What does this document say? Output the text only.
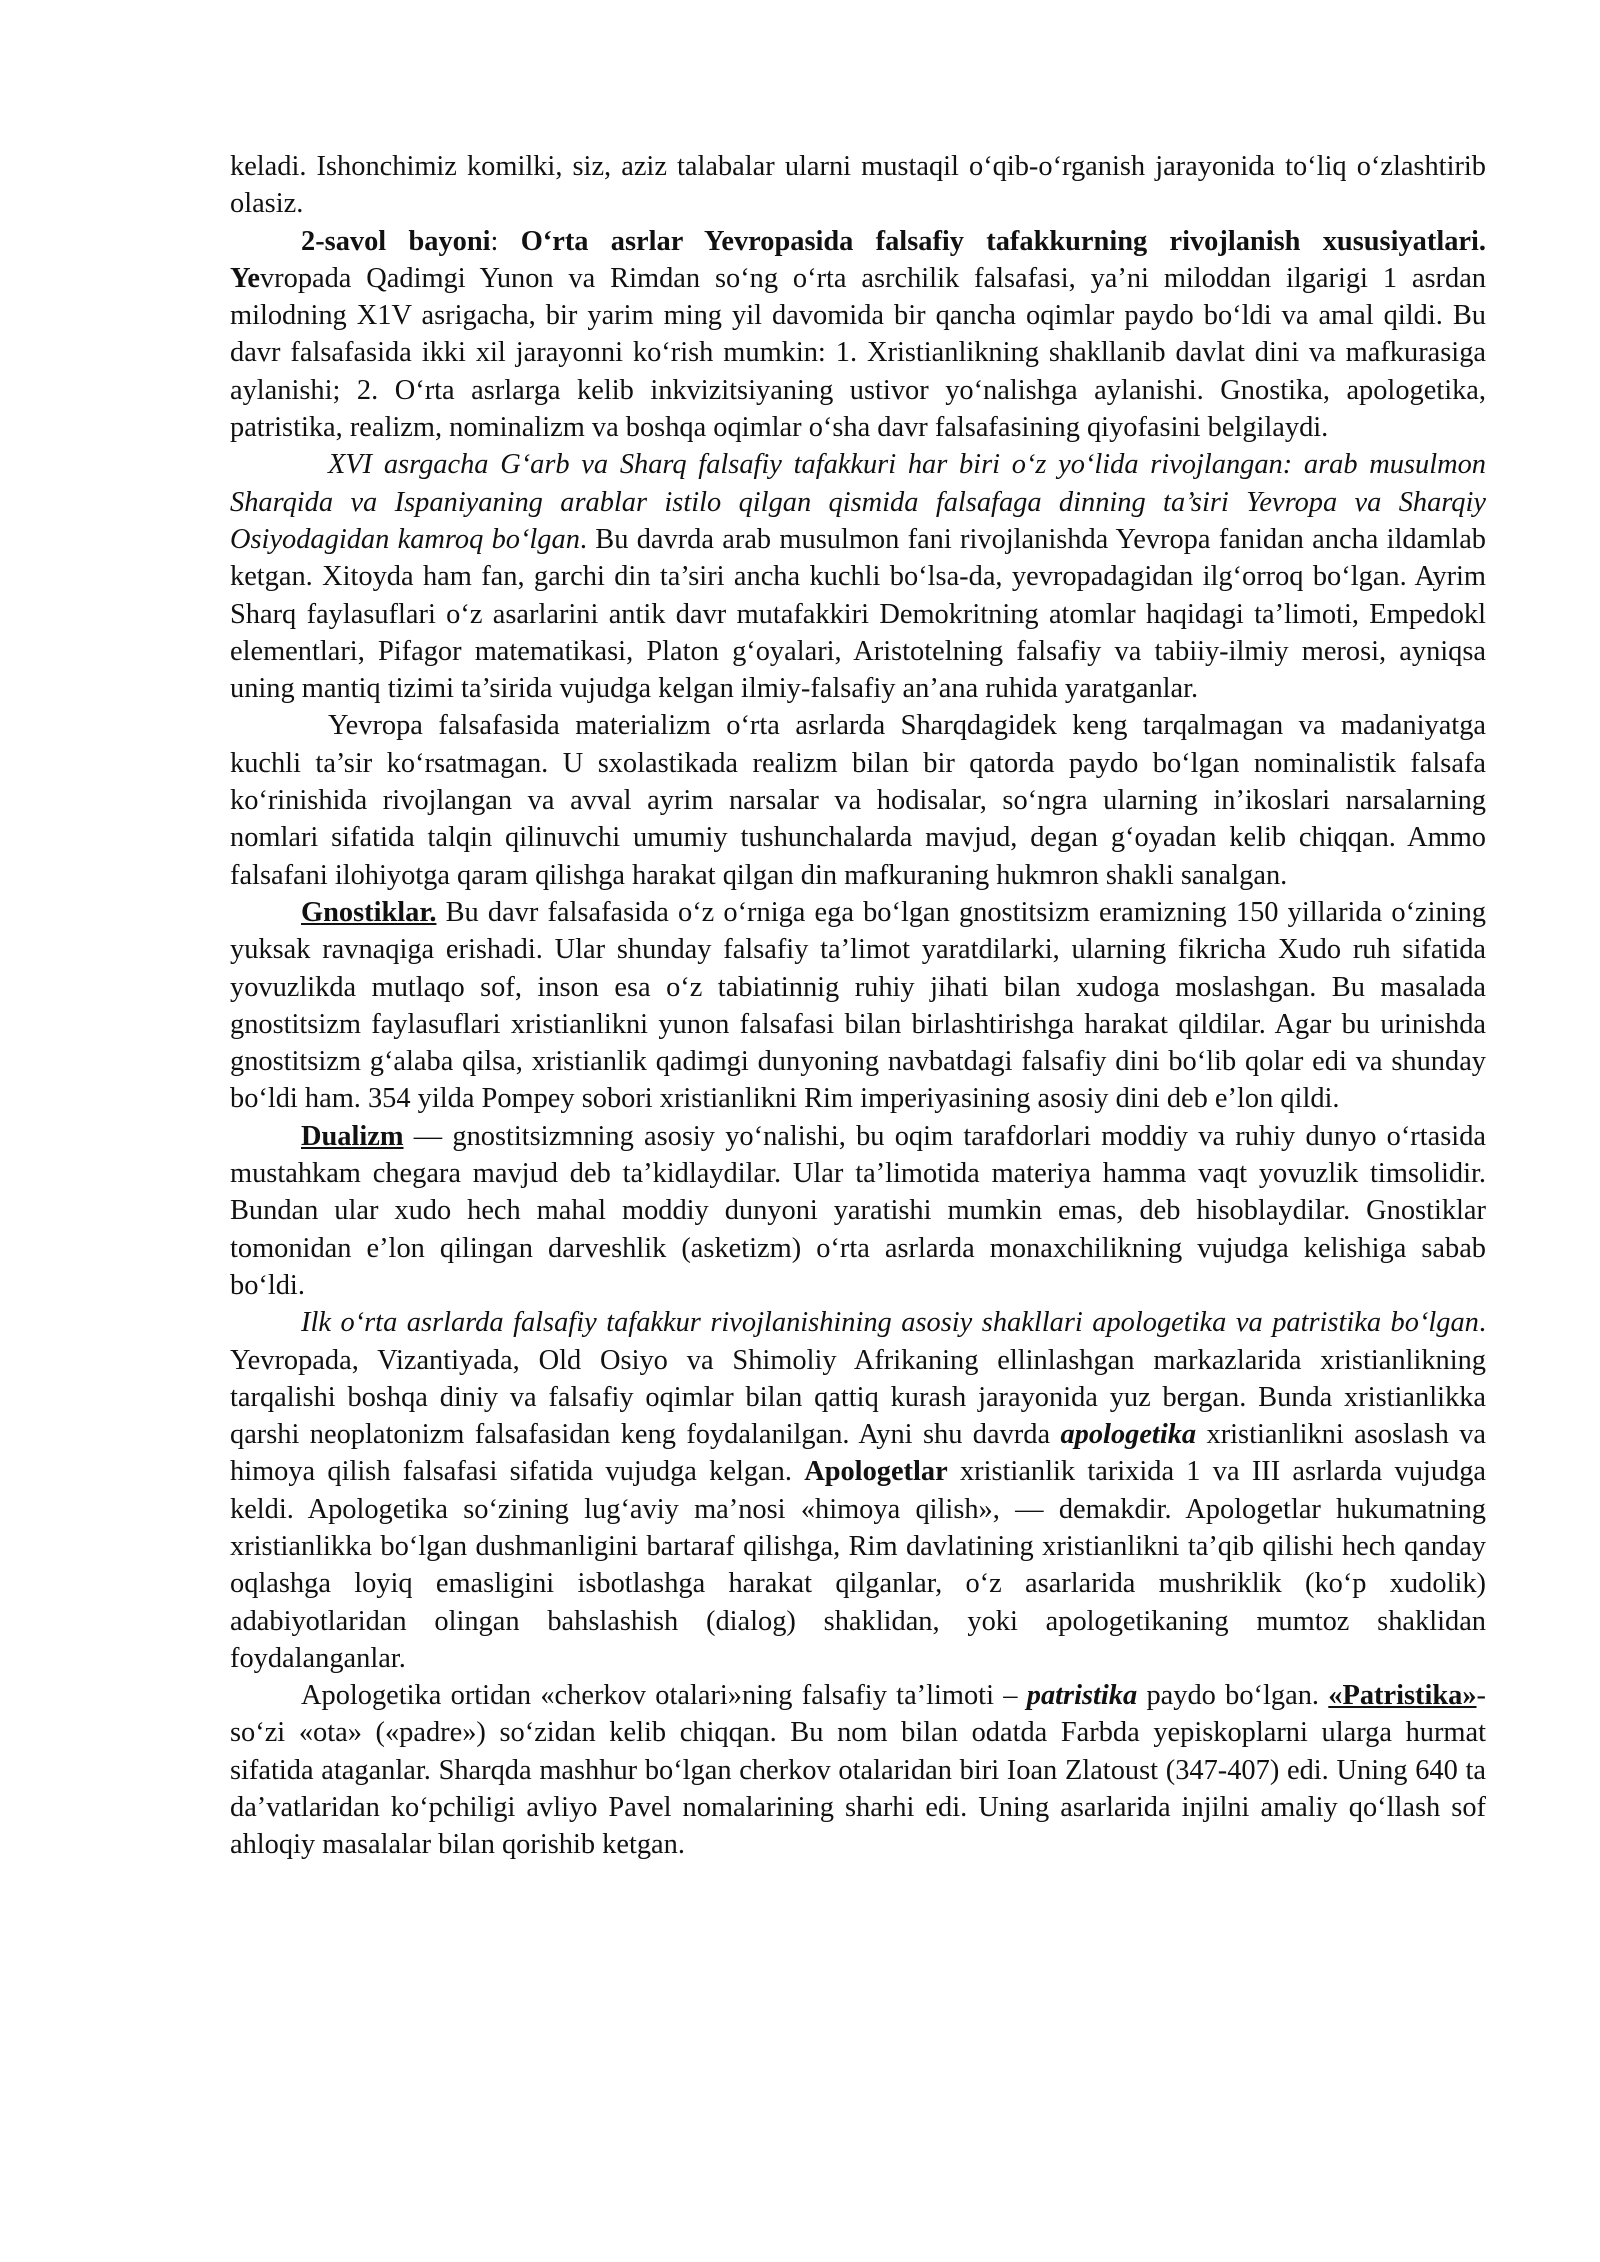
keladi. Ishonchimiz komilki, siz, aziz talabalar ularni mustaqil o‘qib-o‘rganish jarayonida to‘liq o‘zlashtirib olasiz.

2-savol bayoni: O‘rta asrlar Yevropasida falsafiy tafakkurning rivojlanish xususiyatlari. Yevropada Qadimgi Yunon va Rimdan so‘ng o‘rta asrchilik falsafasi, ya’ni miloddan ilgarigi 1 asrdan milodning X1V asrigacha, bir yarim ming yil davomida bir qancha oqimlar paydo bo‘ldi va amal qildi. Bu davr falsafasida ikki xil jarayonni ko‘rish mumkin: 1. Xristianlikning shakllanib davlat dini va mafkurasiga aylanishi; 2. O‘rta asrlarga kelib inkvizitsiyaning ustivor yo‘nalishga aylanishi. Gnostika, apologetika, patristika, realizm, nominalizm va boshqa oqimlar o‘sha davr falsafasining qiyofasini belgilaydi.

XVI asrgacha G‘arb va Sharq falsafiy tafakkuri har biri o‘z yo‘lida rivojlangan: arab musulmon Sharqida va Ispaniyaning arablar istilo qilgan qismida falsafaga dinning ta’siri Yevropa va Sharqiy Osiyodagidan kamroq bo‘lgan. Bu davrda arab musulmon fani rivojlanishda Yevropa fanidan ancha ildamlab ketgan. Xitoyda ham fan, garchi din ta’siri ancha kuchli bo‘lsa-da, yevropadagidan ilg‘orroq bo‘lgan. Ayrim Sharq faylasuflari o‘z asarlarini antik davr mutafakkiri Demokritning atomlar haqidagi ta’limoti, Empedokl elementlari, Pifagor matematikasi, Platon g‘oyalari, Aristotelning falsafiy va tabiiy-ilmiy merosi, ayniqsa uning mantiq tizimi ta’sirida vujudga kelgan ilmiy-falsafiy an’ana ruhida yaratganlar.

Yevropa falsafasida materializm o‘rta asrlarda Sharqdagidek keng tarqalmagan va madaniyatga kuchli ta’sir ko‘rsatmagan. U sxolastikada realizm bilan bir qatorda paydo bo‘lgan nominalistik falsafa ko‘rinishida rivojlangan va avval ayrim narsalar va hodisalar, so‘ngra ularning in’ikoslari narsalarning nomlari sifatida talqin qilinuvchi umumiy tushunchalarda mavjud, degan g‘oyadan kelib chiqqan. Ammo falsafani ilohiyotga qaram qilishga harakat qilgan din mafkuraning hukmron shakli sanalgan.

Gnostiklar. Bu davr falsafasida o‘z o‘rniga ega bo‘lgan gnostitsizm eramizning 150 yillarida o‘zining yuksak ravnaqiga erishadi. Ular shunday falsafiy ta’limot yaratdilarki, ularning fikricha Xudo ruh sifatida yovuzlikda mutlaqo sof, inson esa o‘z tabiatinnig ruhiy jihati bilan xudoga moslashgan. Bu masalada gnostitsizm faylasuflari xristianlikni yunon falsafasi bilan birlashtirishga harakat qildilar. Agar bu urinishda gnostitsizm g‘alaba qilsa, xristianlik qadimgi dunyoning navbatdagi falsafiy dini bo‘lib qolar edi va shunday bo‘ldi ham. 354 yilda Pompey sobori xristianlikni Rim imperiyasining asosiy dini deb e’lon qildi.

Dualizm — gnostitsizmning asosiy yo‘nalishi, bu oqim tarafdorlari moddiy va ruhiy dunyo o‘rtasida mustahkam chegara mavjud deb ta’kidlaydilar. Ular ta’limotida materiya hamma vaqt yovuzlik timsolidir. Bundan ular xudo hech mahal moddiy dunyoni yaratishi mumkin emas, deb hisoblaydilar. Gnostiklar tomonidan e’lon qilingan darveshlik (asketizm) o‘rta asrlarda monaxchilikning vujudga kelishiga sabab bo‘ldi.

Ilk o‘rta asrlarda falsafiy tafakkur rivojlanishining asosiy shakllari apologetika va patristika bo‘lgan. Yevropada, Vizantiyada, Old Osiyo va Shimoliy Afrikaning ellinlashgan markazlarida xristianlikning tarqalishi boshqa diniy va falsafiy oqimlar bilan qattiq kurash jarayonida yuz bergan. Bunda xristianlikka qarshi neoplatonizm falsafasidan keng foydalanilgan. Ayni shu davrda apologetika xristianlikni asoslash va himoya qilish falsafasi sifatida vujudga kelgan. Apologetlar xristianlik tarixida 1 va III asrlarda vujudga keldi. Apologetika so‘zining lug‘aviy ma’nosi «himoya qilish», — demakdir. Apologetlar hukumatning xristianlikka bo‘lgan dushmanligini bartaraf qilishga, Rim davlatining xristianlikni ta’qib qilishi hech qanday oqlashga loyiq emasligini isbotlashga harakat qilganlar, o‘z asarlarida mushriklik (ko‘p xudolik) adabiyotlaridan olingan bahslashish (dialog) shaklidan, yoki apologetikaning mumtoz shaklidan foydalanganlar.

Apologetika ortidan «cherkov otalari»ning falsafiy ta’limoti – patristika paydo bo‘lgan. «Patristika»- so‘zi «ota» («padre») so‘zidan kelib chiqqan. Bu nom bilan odatda Farbda yepiskoplarni ularga hurmat sifatida ataganlar. Sharqda mashhur bo‘lgan cherkov otalaridan biri Ioan Zlatoust (347-407) edi. Uning 640 ta da’vatlaridan ko‘pchiligi avliyo Pavel nomalarining sharhi edi. Uning asarlarida injilni amaliy qo‘llash sof ahloqiy masalalar bilan qorishib ketgan.
